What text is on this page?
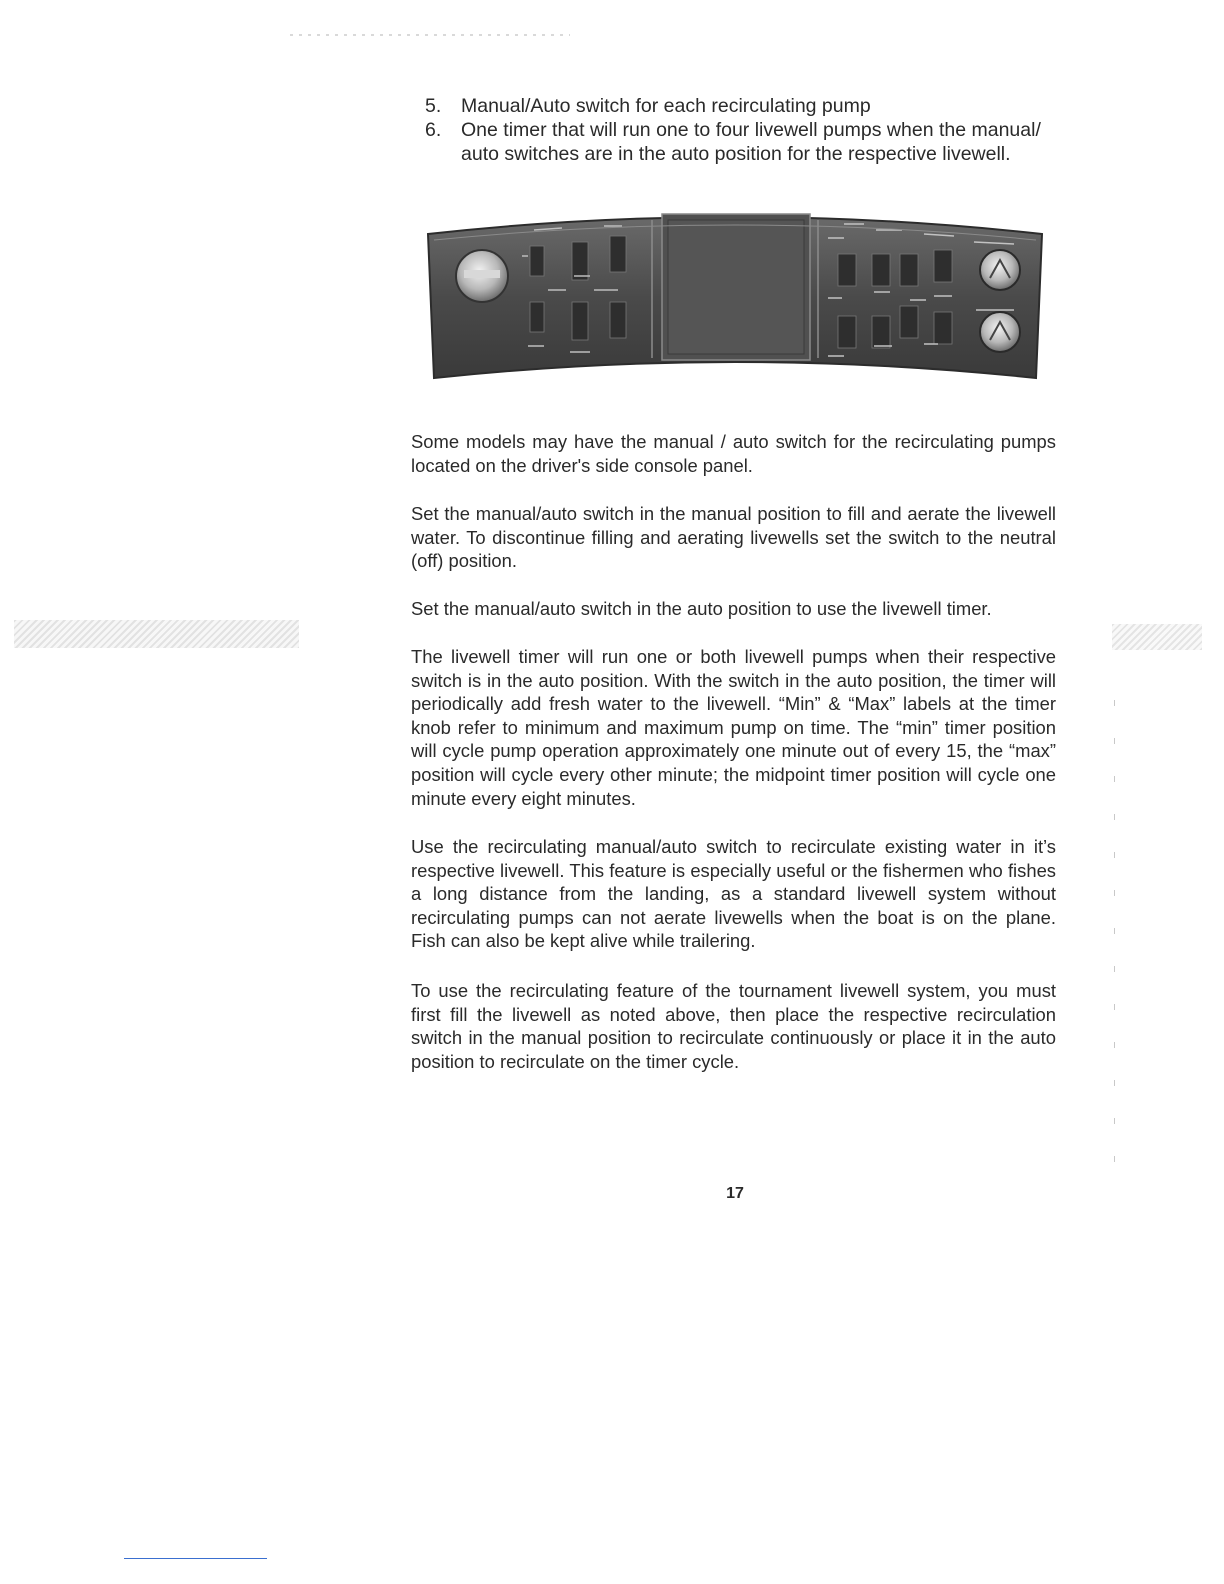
5.	Manual/Auto switch for each recirculating pump
6.	One timer that will run one to four livewell pumps when the manual/ auto switches are in the auto position for the respective livewell.

Some models may have the manual / auto switch for the recirculating pumps located on the driver's side console panel.

Set the manual/auto switch in the manual position to fill and aerate the livewell water. To discontinue filling and aerating livewells set the switch to the neutral (off) position.

Set the manual/auto switch in the auto position to use the livewell timer.

The livewell timer will run one or both livewell pumps when their respective switch is in the auto position. With the switch in the auto position, the timer will periodically add fresh water to the livewell. “Min” & “Max” labels at the timer knob refer to minimum and maximum pump on time. The “min” timer position will cycle pump operation approximately one minute out of every 15, the “max” position will cycle every other minute; the midpoint timer position will cycle one minute every eight minutes.

Use the recirculating manual/auto switch to recirculate existing water in it’s respective livewell. This feature is especially useful or the fishermen who fishes a long distance from the landing, as a standard livewell system without recirculating pumps can not aerate livewells when the boat is on the plane. Fish can also be kept alive while trailering.

To use the recirculating feature of the tournament livewell system, you must first fill the livewell as noted above, then place the respective recirculation switch in the manual position to recirculate continuously or place it in the auto position to recirculate on the timer cycle.

17
